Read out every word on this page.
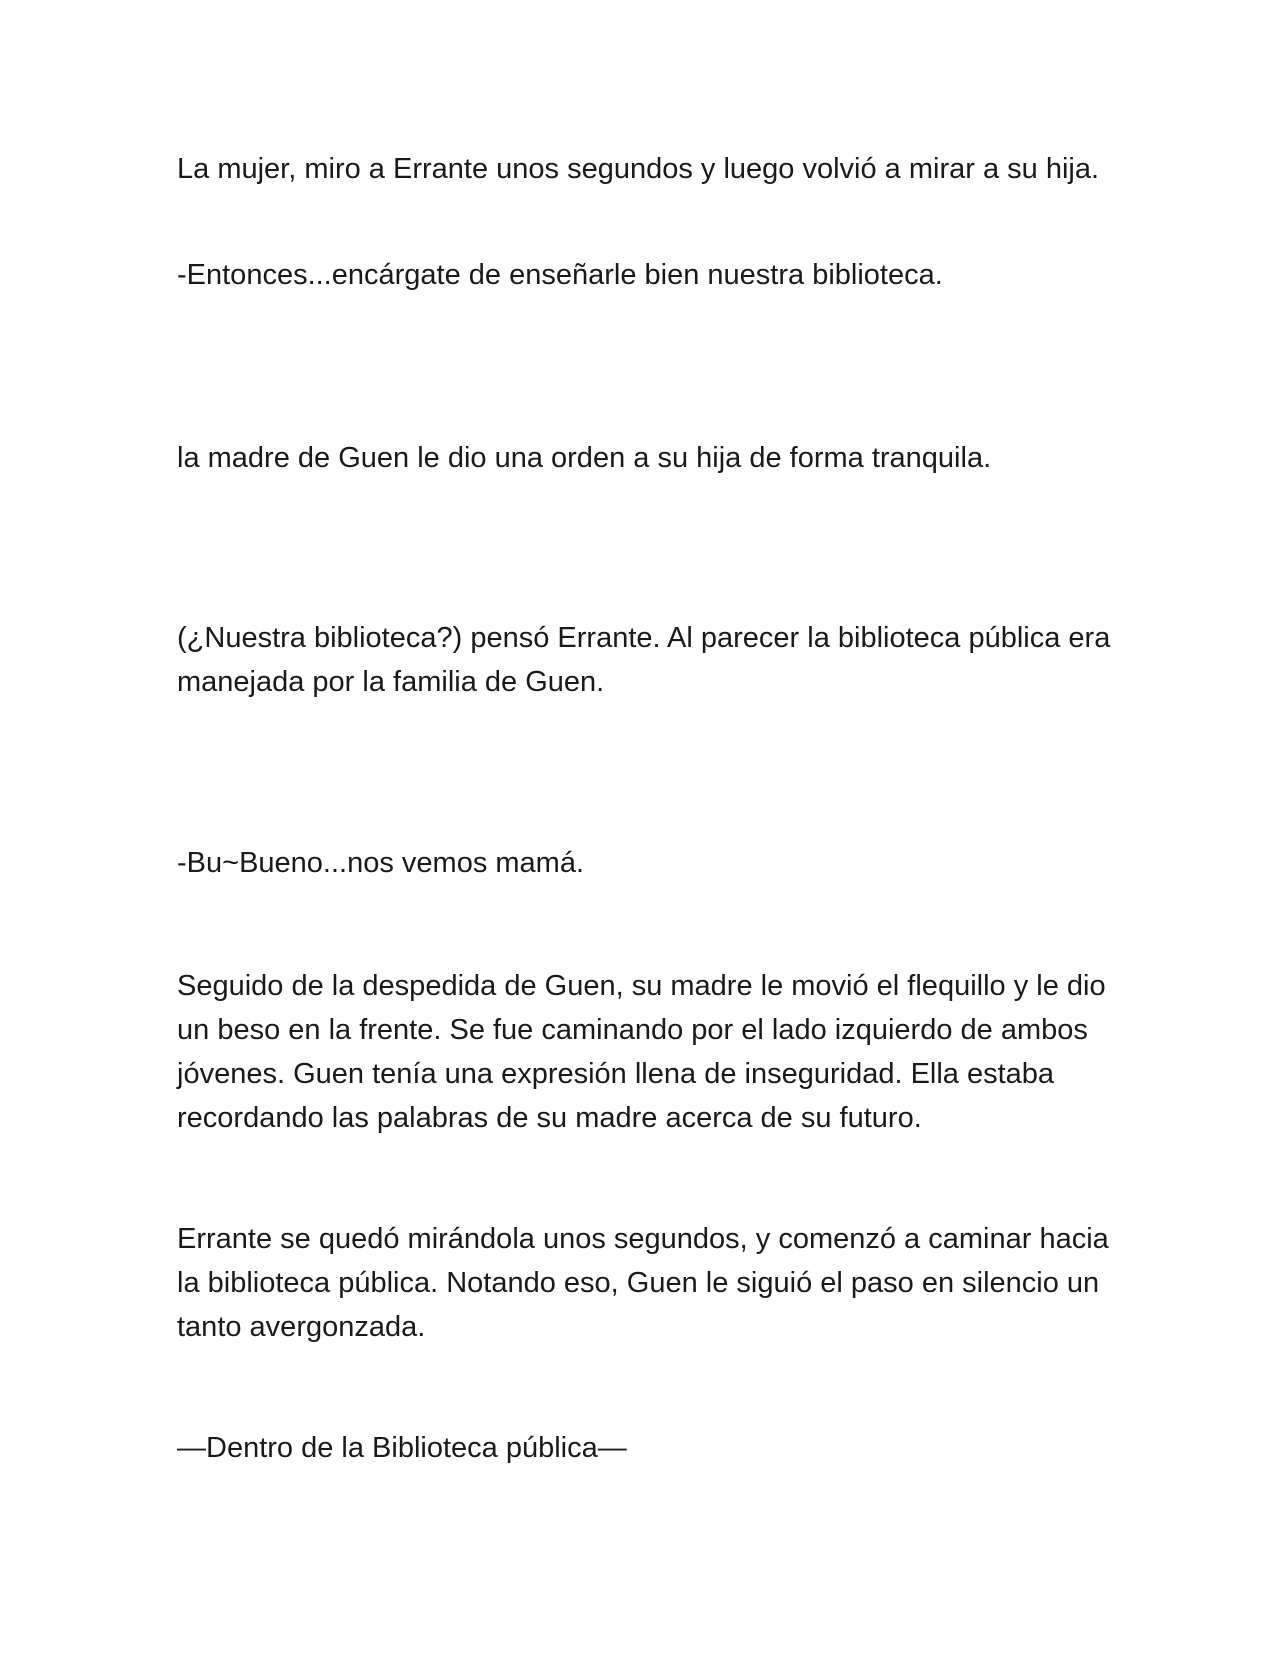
La mujer, miro a Errante unos segundos y luego volvió a mirar a su hija.

-Entonces...encárgate de enseñarle bien nuestra biblioteca.

la madre de Guen le dio una orden a su hija de forma tranquila.

(¿Nuestra biblioteca?) pensó Errante. Al parecer la biblioteca pública era manejada por la familia de Guen.

-Bu~Bueno...nos vemos mamá.

Seguido de la despedida de Guen, su madre le movió el flequillo y le dio un beso en la frente. Se fue caminando por el lado izquierdo de ambos jóvenes. Guen tenía una expresión llena de inseguridad. Ella estaba recordando las palabras de su madre acerca de su futuro.

Errante se quedó mirándola unos segundos, y comenzó a caminar hacia la biblioteca pública. Notando eso, Guen le siguió el paso en silencio un tanto avergonzada.

—Dentro de la Biblioteca pública—
